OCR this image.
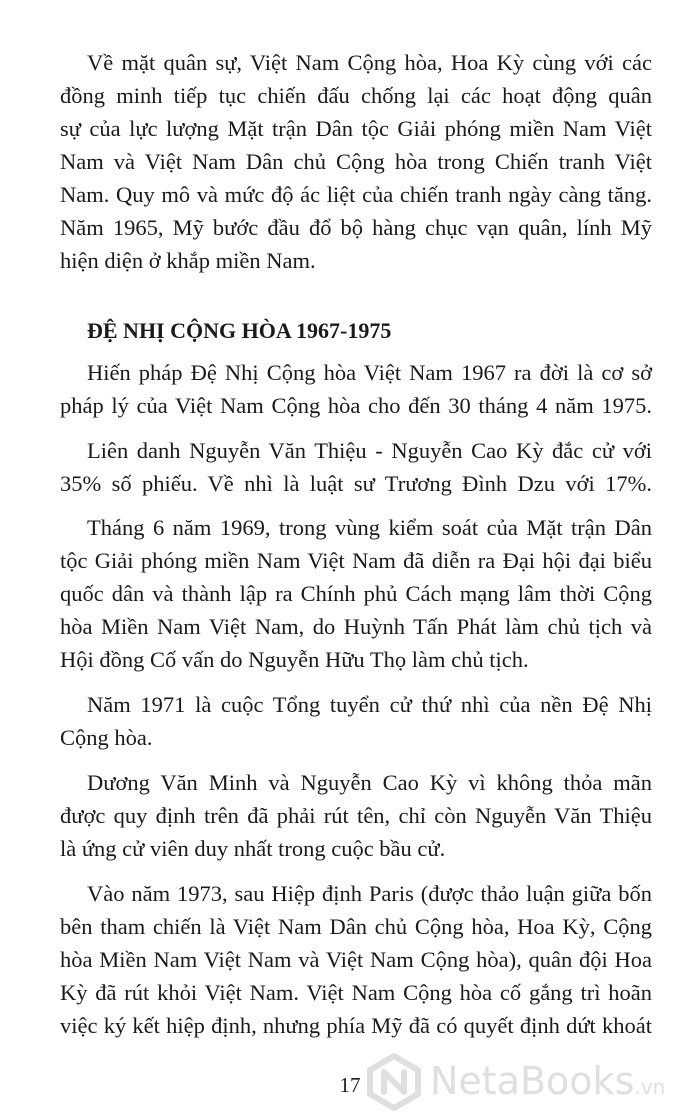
Về mặt quân sự, Việt Nam Cộng hòa, Hoa Kỳ cùng với các
đồng minh tiếp tục chiến đấu chống lại các hoạt động quân
sự của lực lượng Mặt trận Dân tộc Giải phóng miền Nam Việt
Nam và Việt Nam Dân chủ Cộng hòa trong Chiến tranh Việt
Nam. Quy mô và mức độ ác liệt của chiến tranh ngày càng tăng.
Năm 1965, Mỹ bước đầu đổ bộ hàng chục vạn quân, lính Mỹ
hiện diện ở khắp miền Nam.
ĐỆ NHỊ CỘNG HÒA 1967-1975
Hiến pháp Đệ Nhị Cộng hòa Việt Nam 1967 ra đời là cơ sở
pháp lý của Việt Nam Cộng hòa cho đến 30 tháng 4 năm 1975.
Liên danh Nguyễn Văn Thiệu - Nguyễn Cao Kỳ đắc cử với
35% số phiếu. Về nhì là luật sư Trương Đình Dzu với 17%.
Tháng 6 năm 1969, trong vùng kiểm soát của Mặt trận Dân
tộc Giải phóng miền Nam Việt Nam đã diễn ra Đại hội đại biểu
quốc dân và thành lập ra Chính phủ Cách mạng lâm thời Cộng
hòa Miền Nam Việt Nam, do Huỳnh Tấn Phát làm chủ tịch và
Hội đồng Cố vấn do Nguyễn Hữu Thọ làm chủ tịch.
Năm 1971 là cuộc Tổng tuyển cử thứ nhì của nền Đệ Nhị
Cộng hòa.
Dương Văn Minh và Nguyễn Cao Kỳ vì không thỏa mãn
được quy định trên đã phải rút tên, chỉ còn Nguyễn Văn Thiệu
là ứng cử viên duy nhất trong cuộc bầu cử.
Vào năm 1973, sau Hiệp định Paris (được thảo luận giữa bốn
bên tham chiến là Việt Nam Dân chủ Cộng hòa, Hoa Kỳ, Cộng
hòa Miền Nam Việt Nam và Việt Nam Cộng hòa), quân đội Hoa
Kỳ đã rút khỏi Việt Nam. Việt Nam Cộng hòa cố gắng trì hoãn
việc ký kết hiệp định, nhưng phía Mỹ đã có quyết định dứt khoát
17	NetaBooks.vn
